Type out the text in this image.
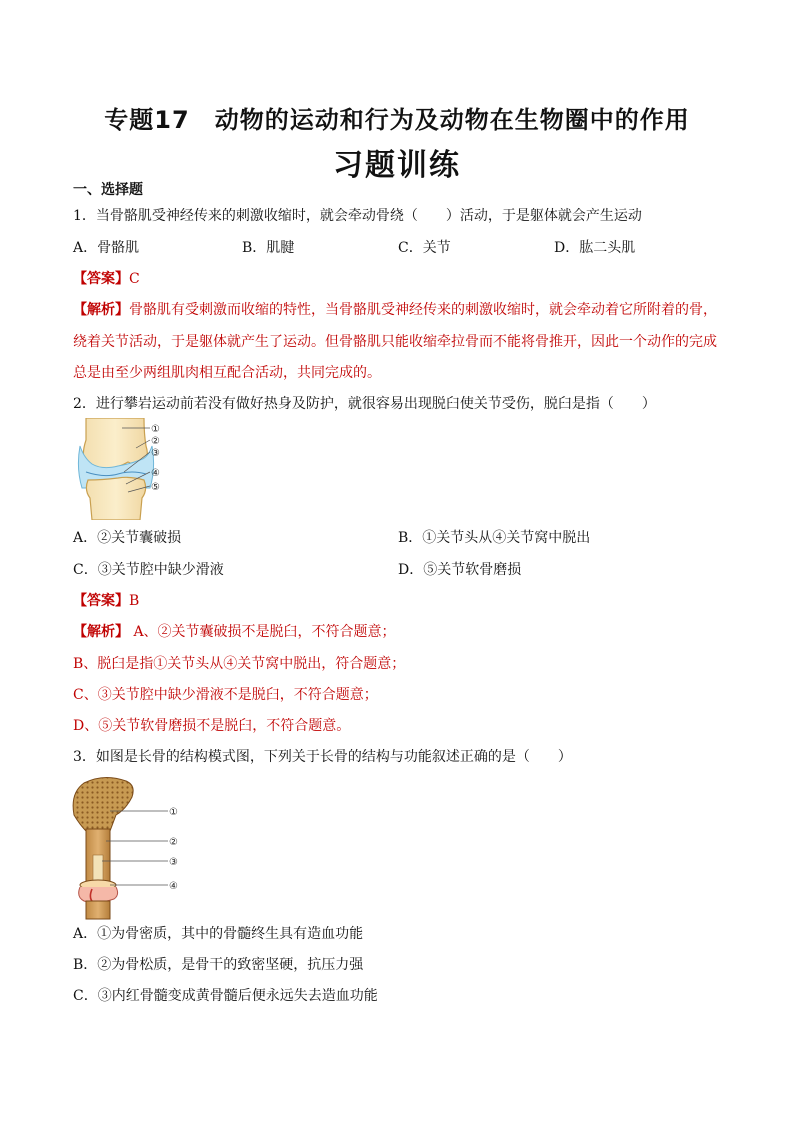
专题17　动物的运动和行为及动物在生物圈中的作用
习题训练
一、选择题
1．当骨骼肌受神经传来的刺激收缩时，就会牵动骨绕（　　）活动，于是躯体就会产生运动
A．骨骼肌	B．肌腱	C．关节	D．肱二头肌
【答案】C
【解析】骨骼肌有受刺激而收缩的特性，当骨骼肌受神经传来的刺激收缩时，就会牵动着它所附着的骨，
绕着关节活动，于是躯体就产生了运动。但骨骼肌只能收缩牵拉骨而不能将骨推开，因此一个动作的完成
总是由至少两组肌肉相互配合活动，共同完成的。
2．进行攀岩运动前若没有做好热身及防护，就很容易出现脱臼使关节受伤，脱臼是指（　　）
①
②
③
④
⑤
A．②关节囊破损	B．①关节头从④关节窝中脱出
C．③关节腔中缺少滑液	D．⑤关节软骨磨损
【答案】B
【解析】 A、②关节囊破损不是脱臼，不符合题意；
B、脱臼是指①关节头从④关节窝中脱出，符合题意；
C、③关节腔中缺少滑液不是脱臼，不符合题意；
D、⑤关节软骨磨损不是脱臼，不符合题意。
3．如图是长骨的结构模式图，下列关于长骨的结构与功能叙述正确的是（　　）
①
②
③
④
A．①为骨密质，其中的骨髓终生具有造血功能
B．②为骨松质，是骨干的致密坚硬，抗压力强
C．③内红骨髓变成黄骨髓后便永远失去造血功能
